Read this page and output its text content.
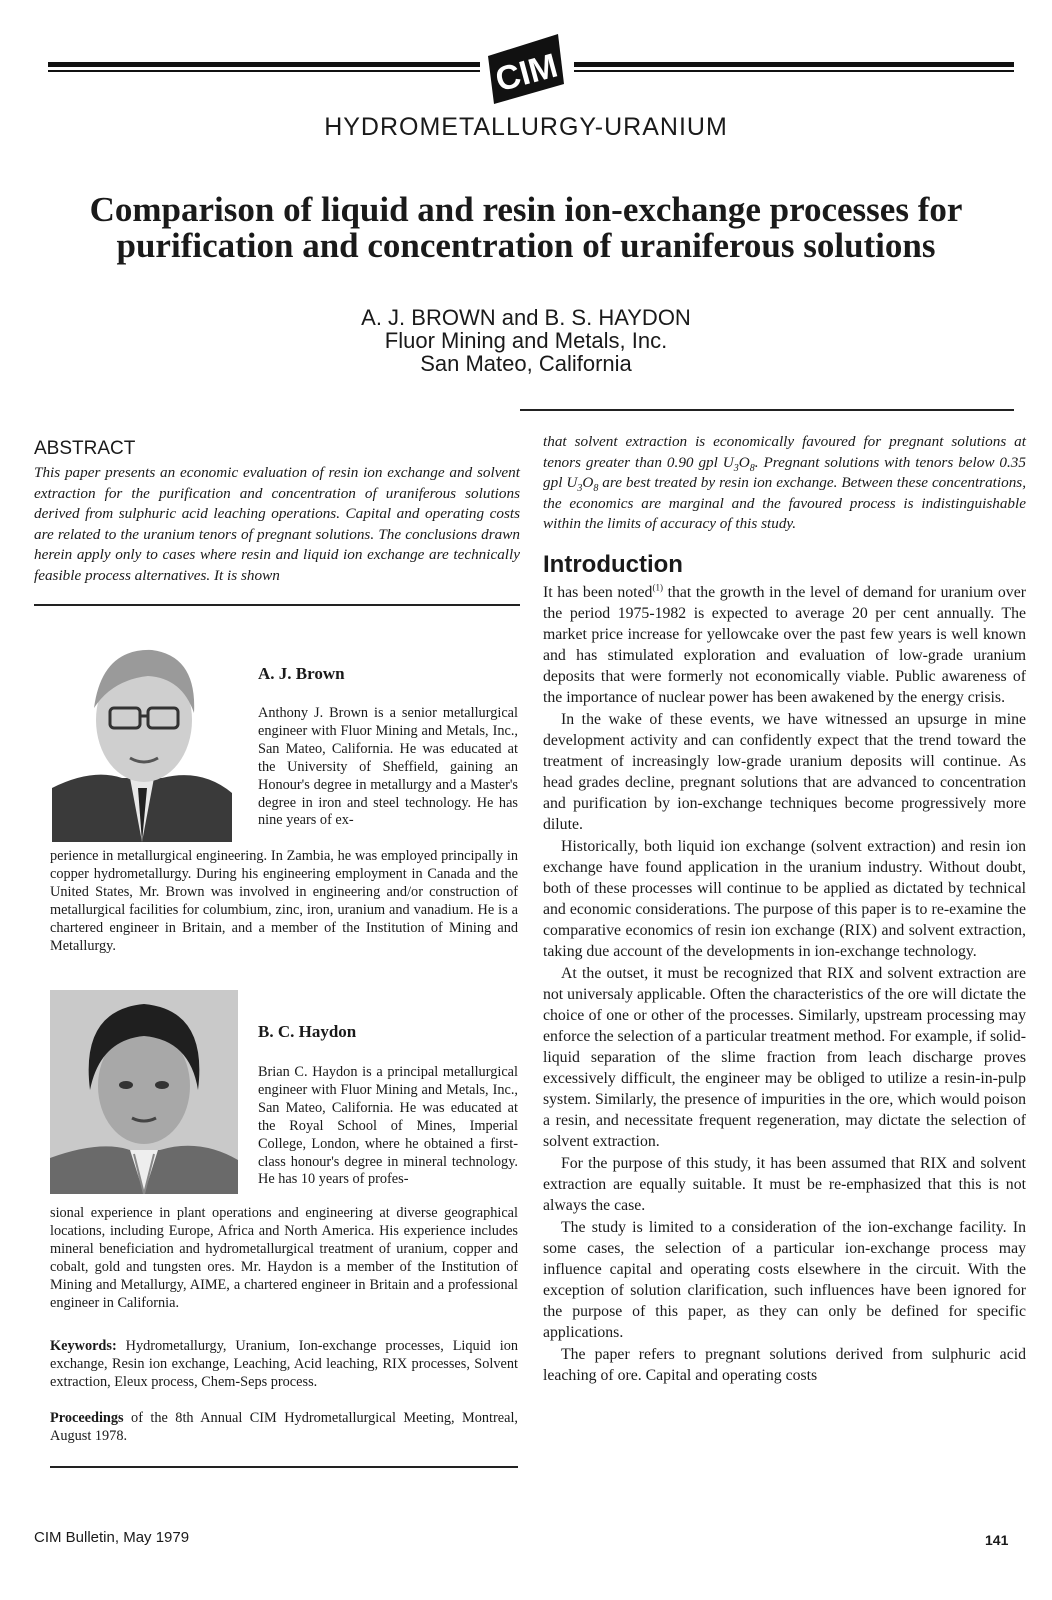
CIM
HYDROMETALLURGY-URANIUM
Comparison of liquid and resin ion-exchange processes for purification and concentration of uraniferous solutions
A. J. BROWN and B. S. HAYDON
Fluor Mining and Metals, Inc.
San Mateo, California
ABSTRACT
This paper presents an economic evaluation of resin ion exchange and solvent extraction for the purification and concentration of uraniferous solutions derived from sulphuric acid leaching operations. Capital and operating costs are related to the uranium tenors of pregnant solutions. The conclusions drawn herein apply only to cases where resin and liquid ion exchange are technically feasible process alternatives. It is shown
that solvent extraction is economically favoured for pregnant solutions at tenors greater than 0.90 gpl $U_3O_8$. Pregnant solutions with tenors below 0.35 gpl $U_3O_8$ are best treated by resin ion exchange. Between these concentrations, the economics are marginal and the favoured process is indistinguishable within the limits of accuracy of this study.
A. J. Brown
Anthony J. Brown is a senior metallurgical engineer with Fluor Mining and Metals, Inc., San Mateo, California. He was educated at the University of Sheffield, gaining an Honour's degree in metallurgy and a Master's degree in iron and steel technology. He has nine years of ex-
perience in metallurgical engineering. In Zambia, he was employed principally in copper hydrometallurgy. During his engineering employment in Canada and the United States, Mr. Brown was involved in engineering and/or construction of metallurgical facilities for columbium, zinc, iron, uranium and vanadium. He is a chartered engineer in Britain, and a member of the Institution of Mining and Metallurgy.
B. C. Haydon
Brian C. Haydon is a principal metallurgical engineer with Fluor Mining and Metals, Inc., San Mateo, California. He was educated at the Royal School of Mines, Imperial College, London, where he obtained a first-class honour's degree in mineral technology. He has 10 years of profes-
sional experience in plant operations and engineering at diverse geographical locations, including Europe, Africa and North America. His experience includes mineral beneficiation and hydrometallurgical treatment of uranium, copper and cobalt, gold and tungsten ores. Mr. Haydon is a member of the Institution of Mining and Metallurgy, AIME, a chartered engineer in Britain and a professional engineer in California.
Keywords: Hydrometallurgy, Uranium, Ion-exchange processes, Liquid ion exchange, Resin ion exchange, Leaching, Acid leaching, RIX processes, Solvent extraction, Eleux process, Chem-Seps process.
Proceedings of the 8th Annual CIM Hydrometallurgical Meeting, Montreal, August 1978.
Introduction

It has been noted$^{(1)}$ that the growth in the level of demand for uranium over the period 1975-1982 is expected to average 20 per cent annually. The market price increase for yellowcake over the past few years is well known and has stimulated exploration and evaluation of low-grade uranium deposits that were formerly not economically viable. Public awareness of the importance of nuclear power has been awakened by the energy crisis.

In the wake of these events, we have witnessed an upsurge in mine development activity and can confidently expect that the trend toward the treatment of increasingly low-grade uranium deposits will continue. As head grades decline, pregnant solutions that are advanced to concentration and purification by ion-exchange techniques become progressively more dilute.

Historically, both liquid ion exchange (solvent extraction) and resin ion exchange have found application in the uranium industry. Without doubt, both of these processes will continue to be applied as dictated by technical and economic considerations. The purpose of this paper is to re-examine the comparative economics of resin ion exchange (RIX) and solvent extraction, taking due account of the developments in ion-exchange technology.

At the outset, it must be recognized that RIX and solvent extraction are not universaly applicable. Often the characteristics of the ore will dictate the choice of one or other of the processes. Similarly, upstream processing may enforce the selection of a particular treatment method. For example, if solid-liquid separation of the slime fraction from leach discharge proves excessively difficult, the engineer may be obliged to utilize a resin-in-pulp system. Similarly, the presence of impurities in the ore, which would poison a resin, and necessitate frequent regeneration, may dictate the selection of solvent extraction.

For the purpose of this study, it has been assumed that RIX and solvent extraction are equally suitable. It must be re-emphasized that this is not always the case.

The study is limited to a consideration of the ion-exchange facility. In some cases, the selection of a particular ion-exchange process may influence capital and operating costs elsewhere in the circuit. With the exception of solution clarification, such influences have been ignored for the purpose of this paper, as they can only be defined for specific applications.

The paper refers to pregnant solutions derived from sulphuric acid leaching of ore. Capital and operating costs

CIM Bulletin, May 1979	141
